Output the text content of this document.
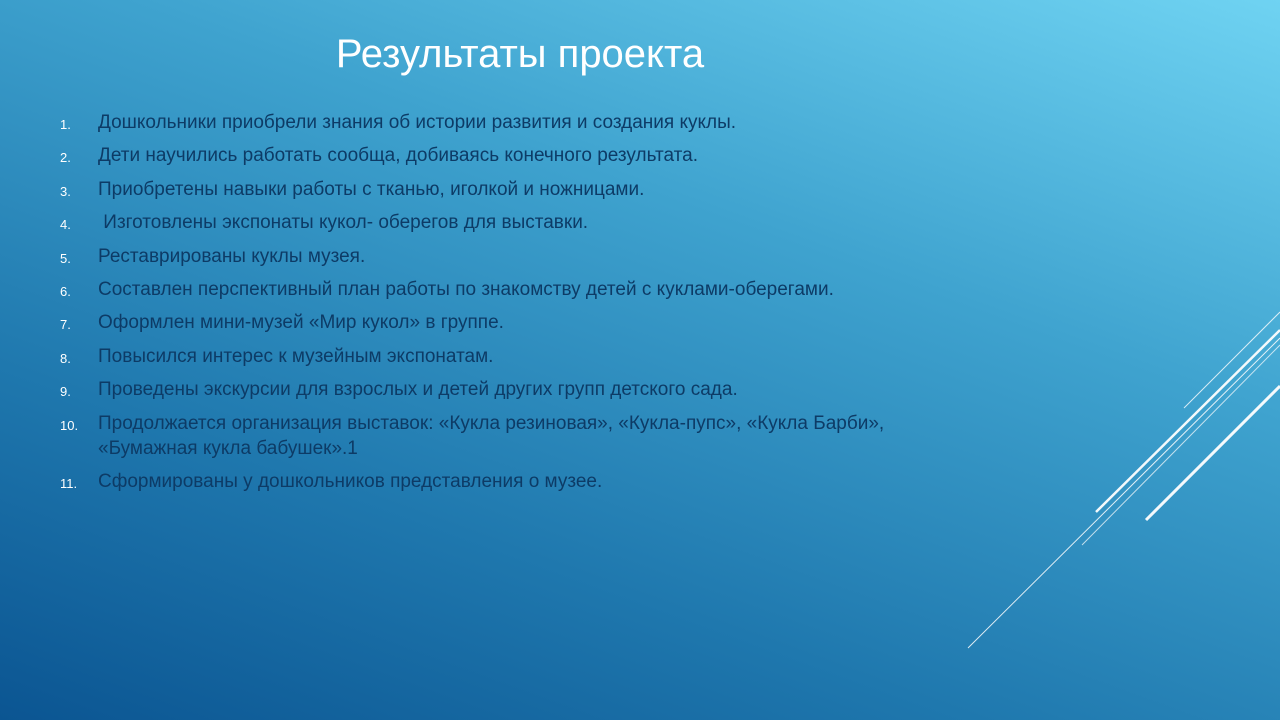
Результаты проекта
1. Дошкольники приобрели знания об истории развития и создания куклы.
2. Дети научились работать сообща, добиваясь конечного результата.
3. Приобретены навыки работы с тканью, иголкой и ножницами.
4. Изготовлены экспонаты кукол- оберегов для выставки.
5. Реставрированы куклы музея.
6. Составлен перспективный план работы по знакомству детей с куклами-оберегами.
7. Оформлен мини-музей «Мир кукол» в группе.
8. Повысился интерес к музейным экспонатам.
9. Проведены экскурсии для взрослых и детей других групп детского сада.
10. Продолжается организация выставок: «Кукла резиновая», «Кукла-пупс», «Кукла Барби», «Бумажная кукла бабушек».1
11. Сформированы у дошкольников представления о музее.
